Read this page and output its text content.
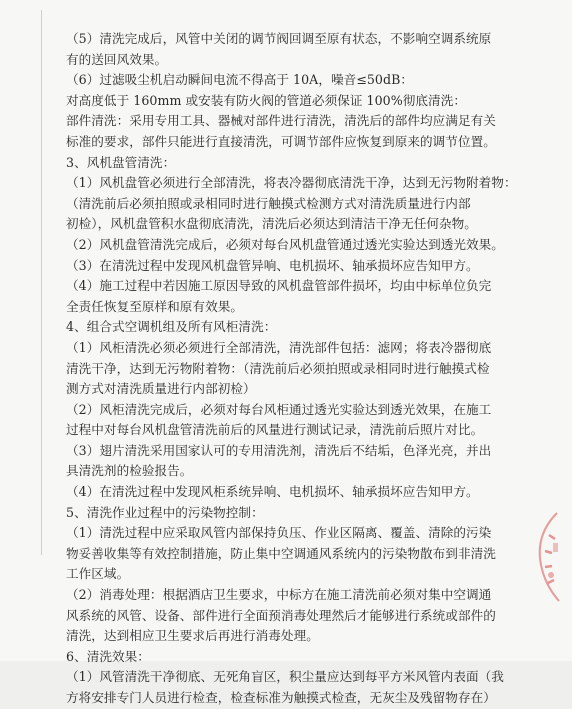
（5）清洗完成后，风管中关闭的调节阀回调至原有状态，不影响空调系统原
有的送回风效果。
（6）过滤吸尘机启动瞬间电流不得高于 10A，噪音≤50dB：
对高度低于 160mm 或安装有防火阀的管道必须保证 100%彻底清洗：
部件清洗：采用专用工具、器械对部件进行清洗，清洗后的部件均应满足有关
标准的要求，部件只能进行直接清洗，可调节部件应恢复到原来的调节位置。
3、风机盘管清洗：
（1）风机盘管必须进行全部清洗，将表冷器彻底清洗干净，达到无污物附着物：
（清洗前后必须拍照或录相同时进行触摸式检测方式对清洗质量进行内部
初检），风机盘管积水盘彻底清洗，清洗后必须达到清洁干净无任何杂物。
（2）风机盘管清洗完成后，必须对每台风机盘管通过透光实验达到透光效果。
（3）在清洗过程中发现风机盘管异响、电机损坏、轴承损坏应告知甲方。
（4）施工过程中若因施工原因导致的风机盘管部件损坏，均由中标单位负完
全责任恢复至原样和原有效果。
4、组合式空调机组及所有风柜清洗：
（1）风柜清洗必须必须进行全部清洗，清洗部件包括：滤网；将表冷器彻底
清洗干净，达到无污物附着物：（清洗前后必须拍照或录相同时进行触摸式检
测方式对清洗质量进行内部初检）
（2）风柜清洗完成后，必须对每台风柜通过透光实验达到透光效果，在施工
过程中对每台风机盘管清洗前后的风量进行测试记录，清洗前后照片对比。
（3）翅片清洗采用国家认可的专用清洗剂，清洗后不结垢，色泽光亮，并出
具清洗剂的检验报告。
（4）在清洗过程中发现风柜系统异响、电机损坏、轴承损坏应告知甲方。
5、清洗作业过程中的污染物控制：
（1）清洗过程中应采取风管内部保持负压、作业区隔离、覆盖、清除的污染
物妥善收集等有效控制措施，防止集中空调通风系统内的污染物散布到非清洗
工作区域。
（2）消毒处理：根据酒店卫生要求，中标方在施工清洗前必须对集中空调通
风系统的风管、设备、部件进行全面预消毒处理然后才能够进行系统或部件的
清洗，达到相应卫生要求后再进行消毒处理。
6、清洗效果：
（1）风管清洗干净彻底、无死角盲区，积尘量应达到每平方米风管内表面（我
方将安排专门人员进行检查，检查标准为触摸式检查，无灰尘及残留物存在）
